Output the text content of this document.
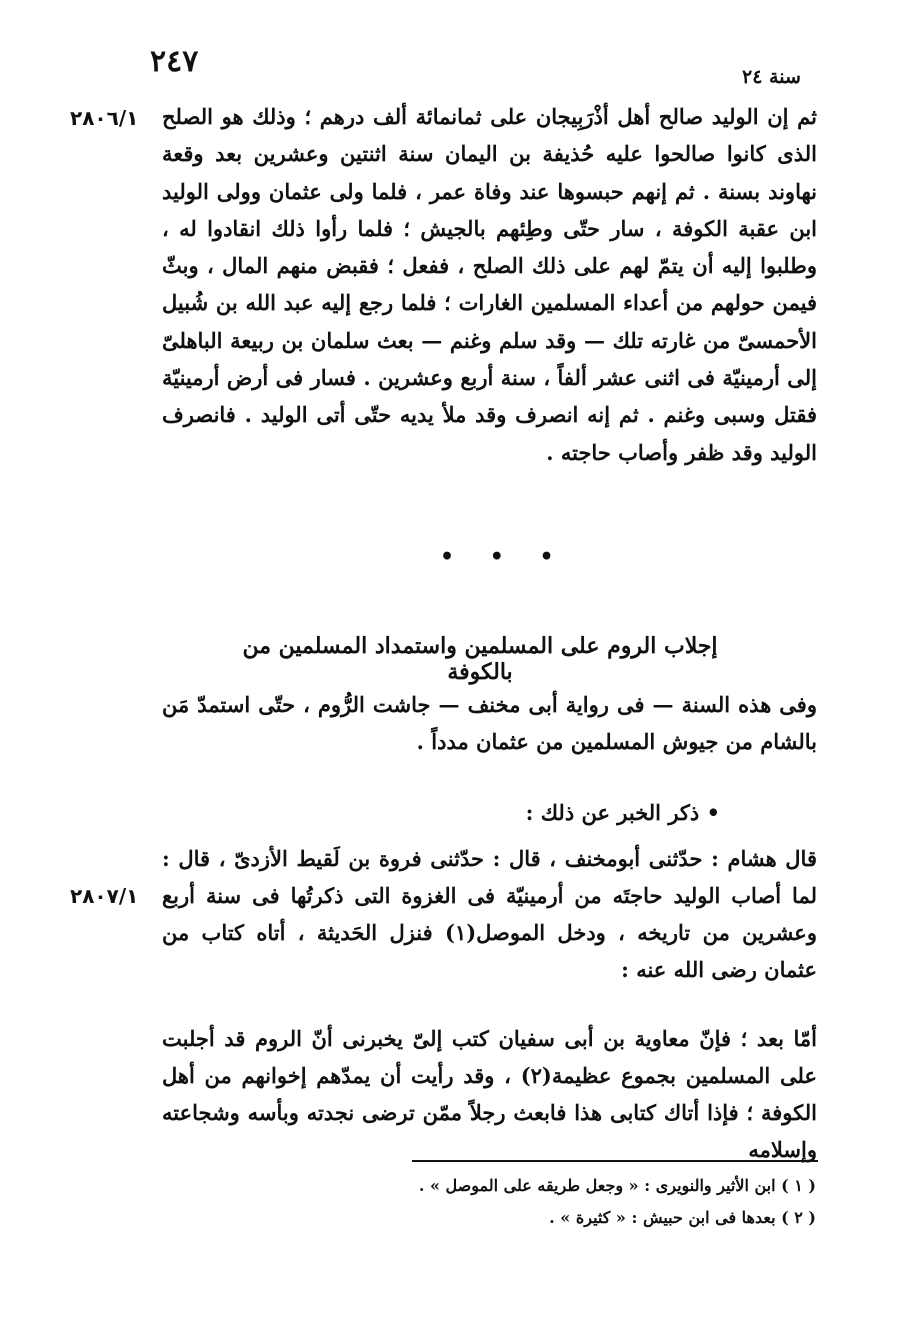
٢٤٧	سنة ٢٤
٢٨٠٦/١ ثم إن الوليد صالح أهل أذْرَبِيجان على ثمانمائة ألف درهم ؛ وذلك هو الصلح الذى كانوا صالحوا عليه حُذيفة بن اليمان سنة اثنتين وعشرين بعد وقعة نهاوند بسنة . ثم إنهم حبسوها عند وفاة عمر ، فلما ولى عثمان وولى الوليد ابن عقبة الكوفة ، سار حتّى وطِئهم بالجيش ؛ فلما رأوا ذلك انقادوا له ، وطلبوا إليه أن يتمّ لهم على ذلك الصلح ، ففعل ؛ فقبض منهم المال ، وبثّ فيمن حولهم من أعداء المسلمين الغارات ؛ فلما رجع إليه عبد الله بن شُبيل الأحمسىّ من غارته تلك — وقد سلم وغنم — بعث سلمان بن ربيعة الباهلىّ إلى أرمينيّة فى اثنى عشر ألفاً ، سنة أربع وعشرين . فسار فى أرض أرمينيّة فقتل وسبى وغنم . ثم إنه انصرف وقد ملأ يديه حتّى أتى الوليد . فانصرف الوليد وقد ظفر وأصاب حاجته .

• • •
إجلاب الروم على المسلمين واستمداد المسلمين من بالكوفة

وفى هذه السنة — فى رواية أبى مخنف — جاشت الرُّوم ، حتّى استمدّ مَن بالشام من جيوش المسلمين من عثمان مدداً .

• ذكر الخبر عن ذلك :
٢٨٠٧/١

قال هشام : حدّثنى أبومخنف ، قال : حدّثنى فروة بن لَقيط الأزدىّ ، قال : لما أصاب الوليد حاجتَه من أرمينيّة فى الغزوة التى ذكرتُها فى سنة أربع وعشرين من تاريخه ، ودخل الموصل(١) فنزل الحَديثة ، أتاه كتاب من عثمان رضى الله عنه :

أمّا بعد ؛ فإنّ معاوية بن أبى سفيان كتب إلىّ يخبرنى أنّ الروم قد أجلبت على المسلمين بجموع عظيمة(٢) ، وقد رأيت أن يمدّهم إخوانهم من أهل الكوفة ؛ فإذا أتاك كتابى هذا فابعث رجلاً ممّن ترضى نجدته وبأسه وشجاعته وإسلامه

( ١ ) ابن الأثير والنويرى : « وجعل طريقه على الموصل » .
( ٢ ) بعدها فى ابن حبيش : « كثيرة » .
